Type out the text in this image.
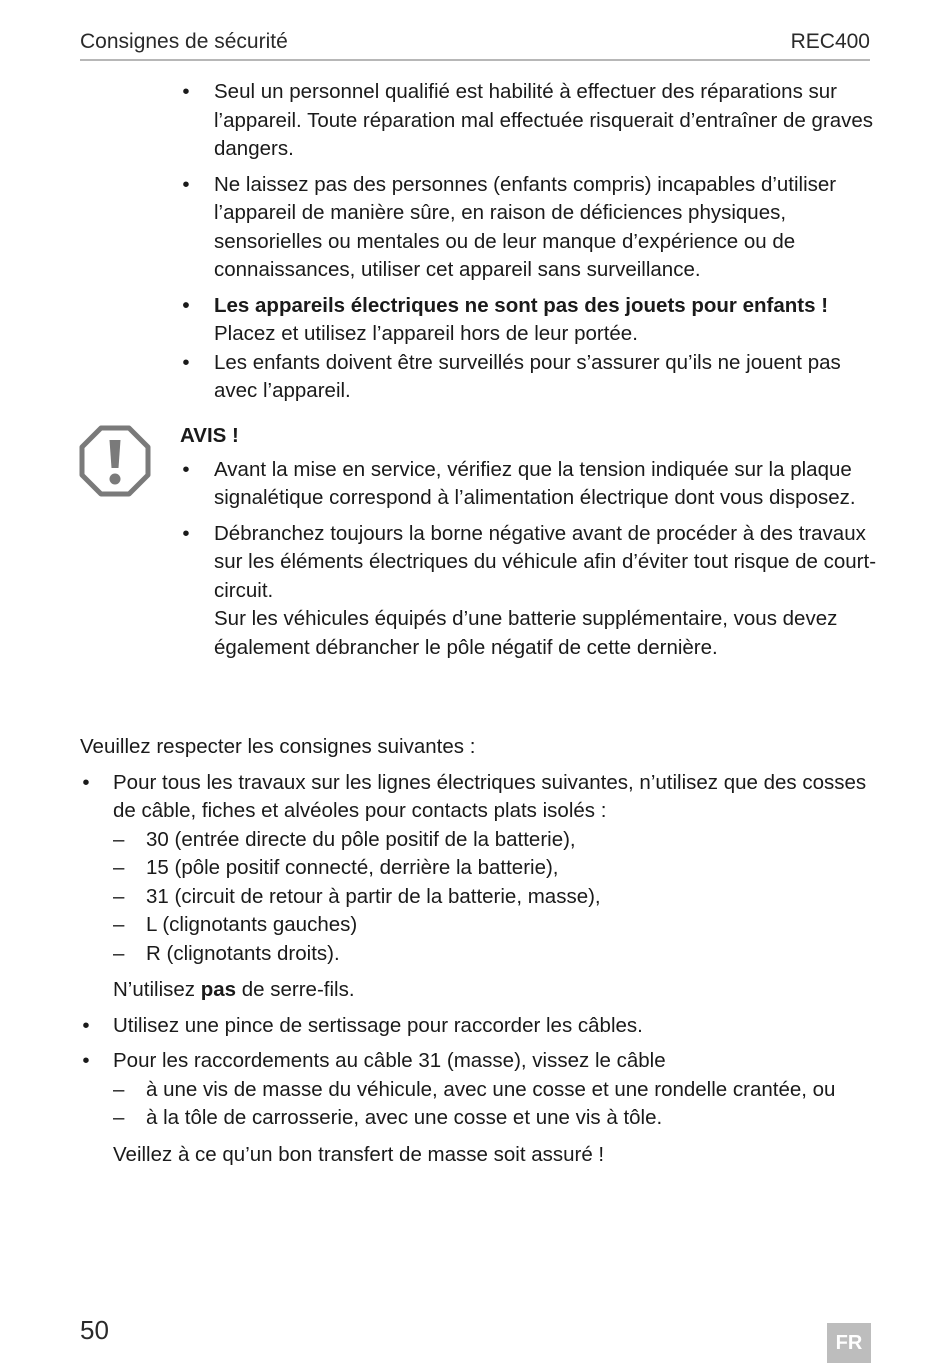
Consignes de sécurité	REC400
• Seul un personnel qualifié est habilité à effectuer des réparations sur l’appareil. Toute réparation mal effectuée risquerait d’entraîner de graves dangers.
• Ne laissez pas des personnes (enfants compris) incapables d’utiliser l’appareil de manière sûre, en raison de déficiences physiques, sensorielles ou mentales ou de leur manque d’expérience ou de connaissances, utiliser cet appareil sans surveillance.
• Les appareils électriques ne sont pas des jouets pour enfants !
Placez et utilisez l’appareil hors de leur portée.
• Les enfants doivent être surveillés pour s’assurer qu’ils ne jouent pas avec l’appareil.
AVIS !
• Avant la mise en service, vérifiez que la tension indiquée sur la plaque signalétique correspond à l’alimentation électrique dont vous disposez.
• Débranchez toujours la borne négative avant de procéder à des travaux sur les éléments électriques du véhicule afin d’éviter tout risque de court-circuit.
Sur les véhicules équipés d’une batterie supplémentaire, vous devez également débrancher le pôle négatif de cette dernière.
Veuillez respecter les consignes suivantes :
• Pour tous les travaux sur les lignes électriques suivantes, n’utilisez que des cosses de câble, fiches et alvéoles pour contacts plats isolés :
– 30 (entrée directe du pôle positif de la batterie),
– 15 (pôle positif connecté, derrière la batterie),
– 31 (circuit de retour à partir de la batterie, masse),
– L (clignotants gauches)
– R (clignotants droits).
N’utilisez pas de serre-fils.
• Utilisez une pince de sertissage pour raccorder les câbles.
• Pour les raccordements au câble 31 (masse), vissez le câble
– à une vis de masse du véhicule, avec une cosse et une rondelle crantée, ou
– à la tôle de carrosserie, avec une cosse et une vis à tôle.
Veillez à ce qu’un bon transfert de masse soit assuré !
50	FR
